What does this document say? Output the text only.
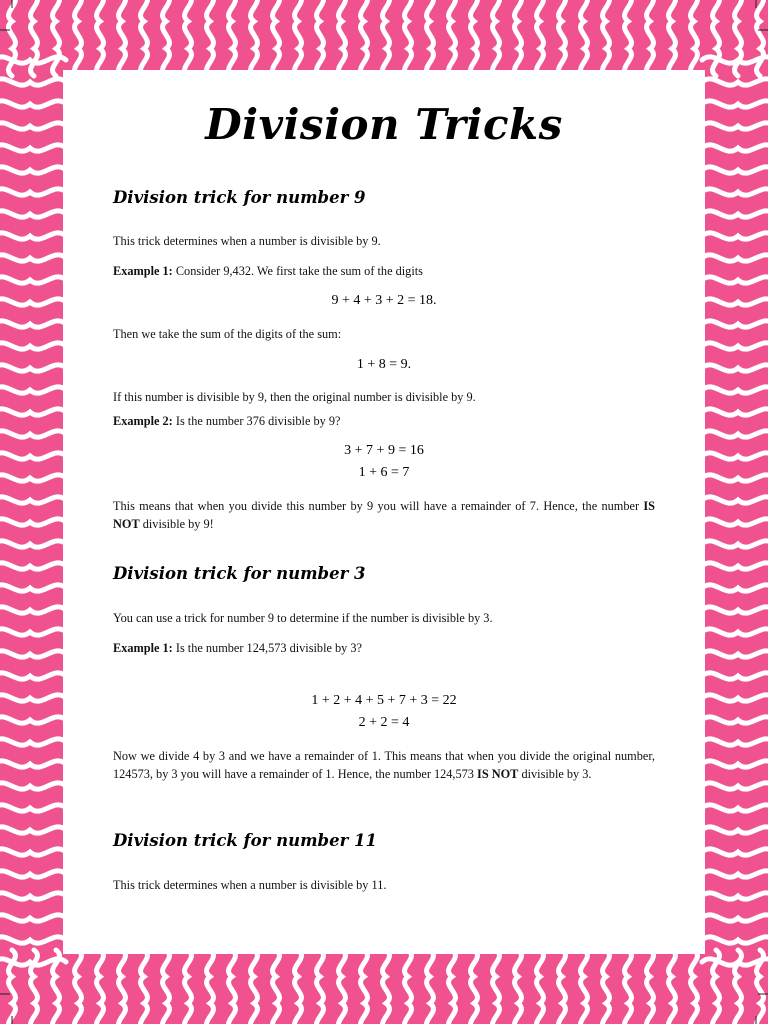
Division Tricks
Division trick for number 9
This trick determines when a number is divisible by 9.
Example 1: Consider 9,432. We first take the sum of the digits
9 + 4 + 3 + 2 = 18.
Then we take the sum of the digits of the sum:
1 + 8 = 9.
If this number is divisible by 9, then the original number is divisible by 9.
Example 2: Is the number 376 divisible by 9?
3 + 7 + 9 = 16
1 + 6 = 7
This means that when you divide this number by 9 you will have a remainder of 7. Hence, the number IS NOT divisible by 9!
Division trick for number 3
You can use a trick for number 9 to determine if the number is divisible by 3.
Example 1: Is the number 124,573 divisible by 3?
1 + 2 + 4 + 5 + 7 + 3 = 22
2 + 2 = 4
Now we divide 4 by 3 and we have a remainder of 1. This means that when you divide the original number, 124573, by 3 you will have a remainder of 1. Hence, the number 124,573 IS NOT divisible by 3.
Division trick for number 11
This trick determines when a number is divisible by 11.
